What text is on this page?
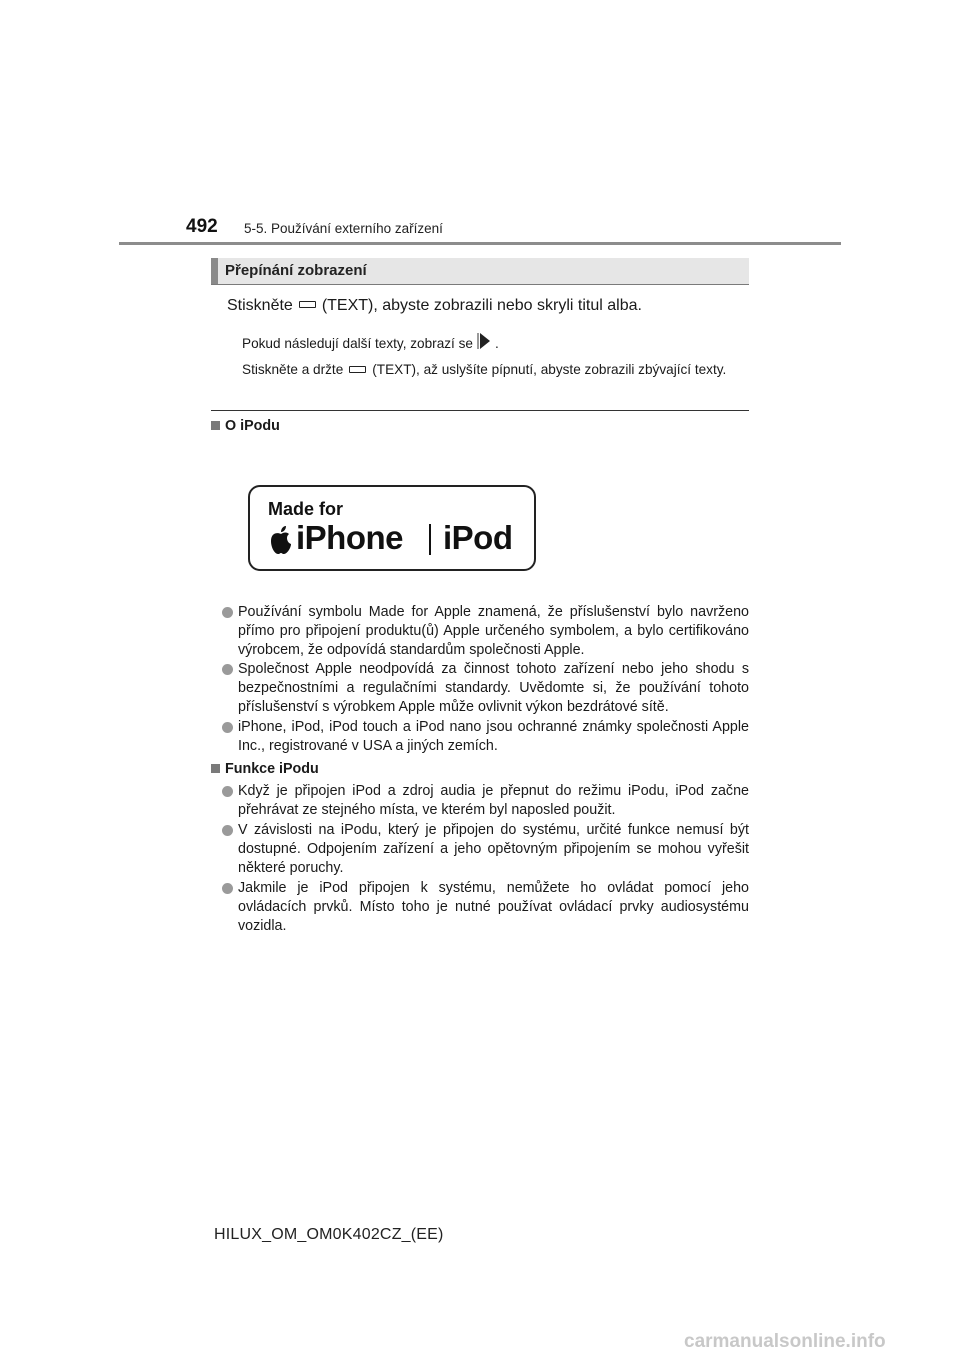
492 5-5. Používání externího zařízení
Přepínání zobrazení
Stiskněte (TEXT), abyste zobrazili nebo skryli titul alba.
Pokud následují další texty, zobrazí se .
Stiskněte a držte (TEXT), až uslyšíte pípnutí, abyste zobrazili zbývající texty.
O iPodu
Made for
iPhone iPod
Používání symbolu Made for Apple znamená, že příslušenství bylo navrženo přímo pro připojení produktu(ů) Apple určeného symbolem, a bylo certifikováno výrobcem, že odpovídá standardům společnosti Apple.
Společnost Apple neodpovídá za činnost tohoto zařízení nebo jeho shodu s bezpečnostními a regulačními standardy. Uvědomte si, že používání tohoto příslušenství s výrobkem Apple může ovlivnit výkon bezdrátové sítě.
iPhone, iPod, iPod touch a iPod nano jsou ochranné známky společnosti Apple Inc., registrované v USA a jiných zemích.
Funkce iPodu
Když je připojen iPod a zdroj audia je přepnut do režimu iPodu, iPod začne přehrávat ze stejného místa, ve kterém byl naposled použit.
V závislosti na iPodu, který je připojen do systému, určité funkce nemusí být dostupné. Odpojením zařízení a jeho opětovným připojením se mohou vyřešit některé poruchy.
Jakmile je iPod připojen k systému, nemůžete ho ovládat pomocí jeho ovládacích prvků. Místo toho je nutné používat ovládací prvky audiosystému vozidla.
HILUX_OM_OM0K402CZ_(EE)
carmanualsonline.info
